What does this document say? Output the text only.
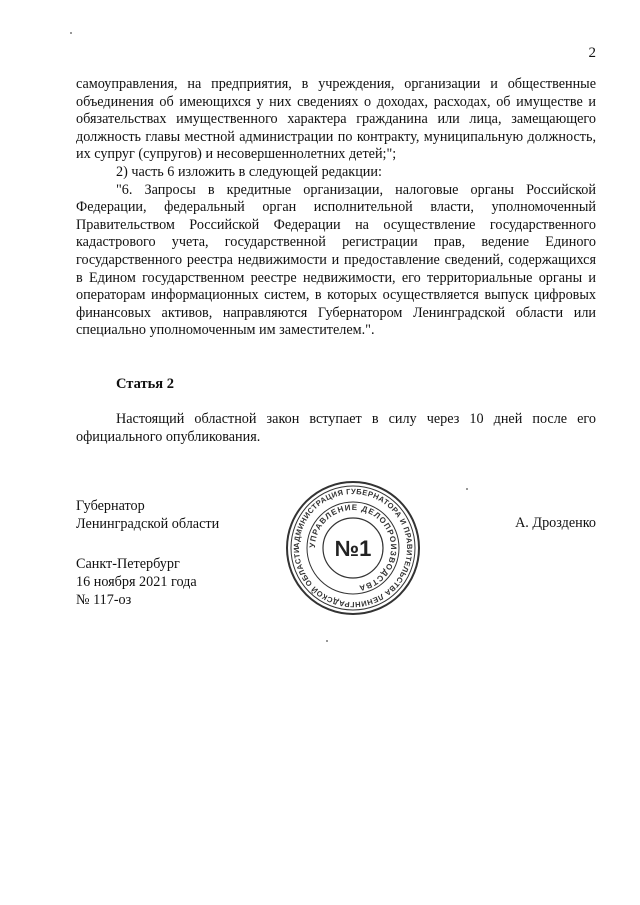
2

самоуправления, на предприятия, в учреждения, организации и общественные объединения об имеющихся у них сведениях о доходах, расходах, об имуществе и обязательствах имущественного характера гражданина или лица, замещающего должность главы местной администрации по контракту, муниципальную должность, их супруг (супругов) и несовершеннолетних детей;";

2) часть 6 изложить в следующей редакции:

"6. Запросы в кредитные организации, налоговые органы Российской Федерации, федеральный орган исполнительной власти, уполномоченный Правительством Российской Федерации на осуществление государственного кадастрового учета, государственной регистрации прав, ведение Единого государственного реестра недвижимости и предоставление сведений, содержащихся в Едином государственном реестре недвижимости, его территориальные органы и операторам информационных систем, в которых осуществляется выпуск цифровых финансовых активов, направляются Губернатором Ленинградской области или специально уполномоченным им заместителем.".

Статья 2

Настоящий областной закон вступает в силу через 10 дней после его официального опубликования.

Губернатор
Ленинградской области	А. Дрозденко
Санкт-Петербург
16 ноября 2021 года
№ 117-оз
АДМИНИСТРАЦИЯ ГУБЕРНАТОРА И ПРАВИТЕЛЬСТВА ЛЕНИНГРАДСКОЙ ОБЛАСТИ
УПРАВЛЕНИЕ ДЕЛОПРОИЗВОДСТВА
№1
